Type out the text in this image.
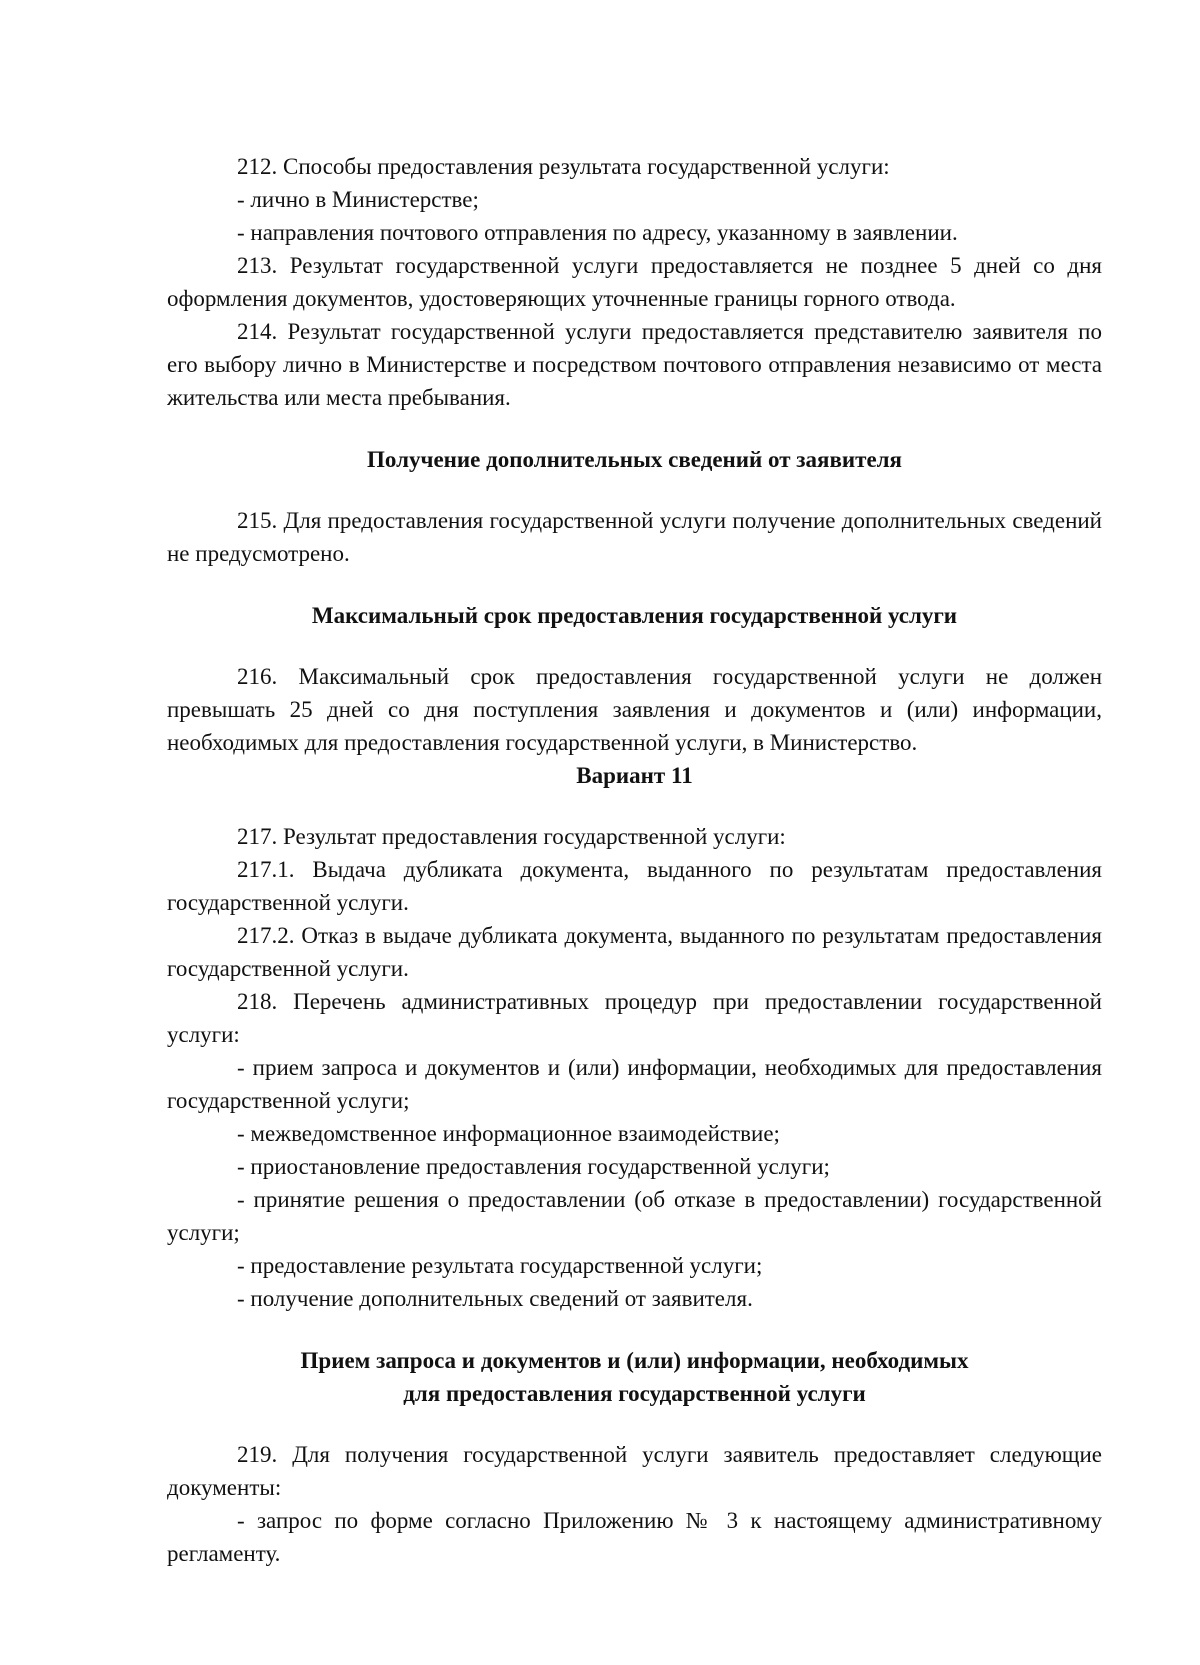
212. Способы предоставления результата государственной услуги:

- лично в Министерстве;

- направления почтового отправления по адресу, указанному в заявлении.

213. Результат государственной услуги предоставляется не позднее 5 дней со дня оформления документов, удостоверяющих уточненные границы горного отвода.

214. Результат государственной услуги предоставляется представителю заявителя по его выбору лично в Министерстве и посредством почтового отправления независимо от места жительства или места пребывания.

Получение дополнительных сведений от заявителя

215. Для предоставления государственной услуги получение дополнительных сведений не предусмотрено.

Максимальный срок предоставления государственной услуги

216. Максимальный срок предоставления государственной услуги не должен превышать 25 дней со дня поступления заявления и документов и (или) информации, необходимых для предоставления государственной услуги, в Министерство.

Вариант 11

217. Результат предоставления государственной услуги:

217.1. Выдача дубликата документа, выданного по результатам предоставления государственной услуги.

217.2. Отказ в выдаче дубликата документа, выданного по результатам предоставления государственной услуги.

218. Перечень административных процедур при предоставлении государственной услуги:

- прием запроса и документов и (или) информации, необходимых для предоставления государственной услуги;

- межведомственное информационное взаимодействие;

- приостановление предоставления государственной услуги;

- принятие решения о предоставлении (об отказе в предоставлении) государственной услуги;

- предоставление результата государственной услуги;

- получение дополнительных сведений от заявителя.

Прием запроса и документов и (или) информации, необходимых
для предоставления государственной услуги

219. Для получения государственной услуги заявитель предоставляет следующие документы:

- запрос по форме согласно Приложению № 3 к настоящему административному регламенту.
